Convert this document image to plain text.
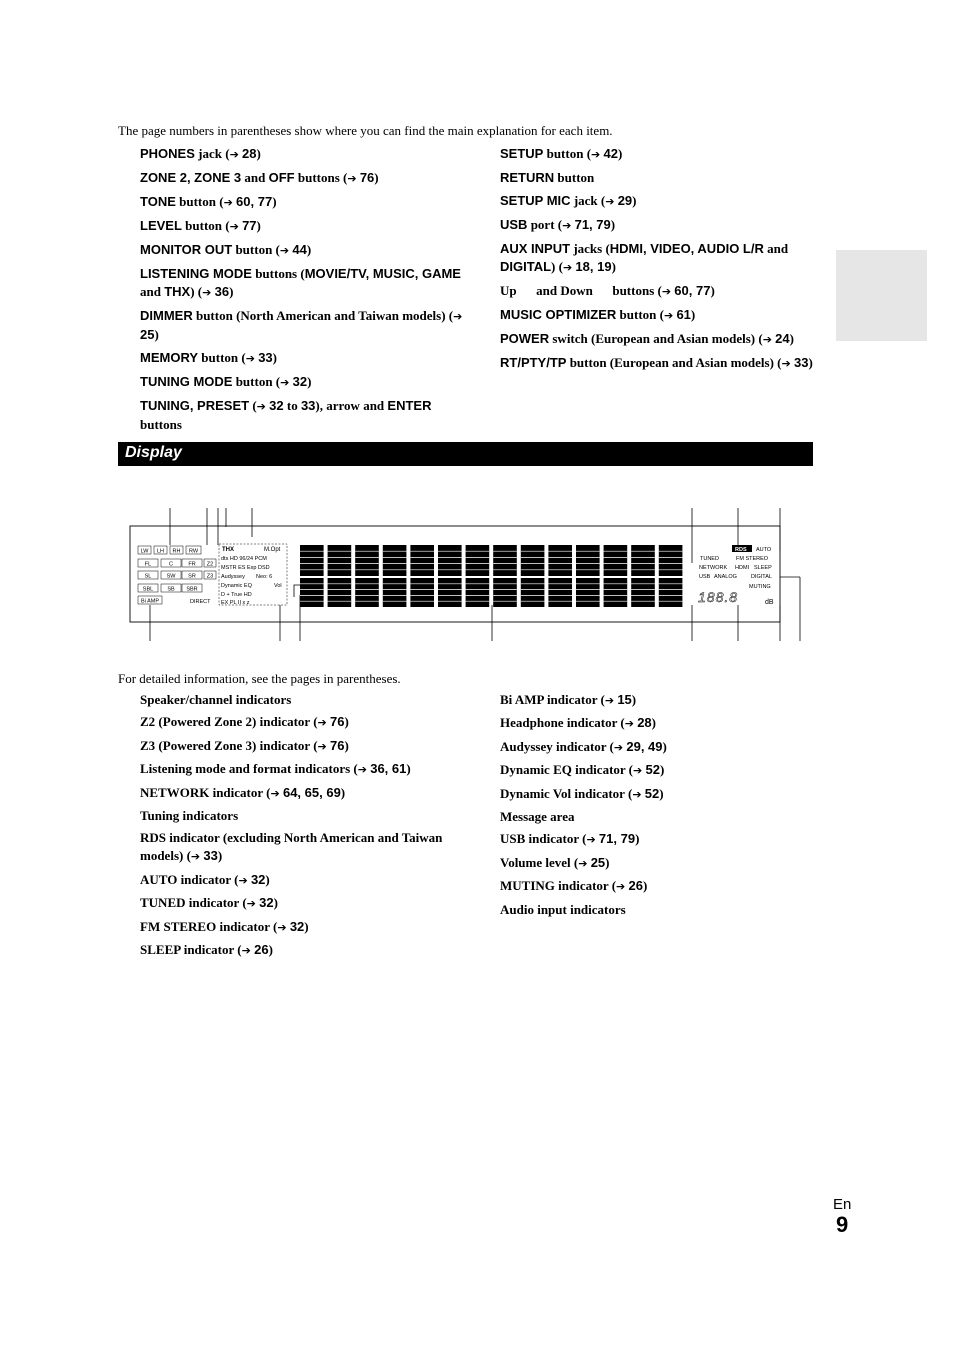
The page numbers in parentheses show where you can find the main explanation for each item.
PHONES jack (➔ 28)
ZONE 2, ZONE 3 and OFF buttons (➔ 76)
TONE button (➔ 60, 77)
LEVEL button (➔ 77)
MONITOR OUT button (➔ 44)
LISTENING MODE buttons (MOVIE/TV, MUSIC, GAME and THX) (➔ 36)
DIMMER button (North American and Taiwan models) (➔ 25)
MEMORY button (➔ 33)
TUNING MODE button (➔ 32)
TUNING, PRESET (➔ 32 to 33), arrow and ENTER buttons
SETUP button (➔ 42)
RETURN button
SETUP MIC jack (➔ 29)
USB port (➔ 71, 79)
AUX INPUT jacks (HDMI, VIDEO, AUDIO L/R and DIGITAL) (➔ 18, 19)
Up      and Down      buttons (➔ 60, 77)
MUSIC OPTIMIZER button (➔ 61)
POWER switch (European and Asian models) (➔ 24)
RT/PTY/TP button (European and Asian models) (➔ 33)
Display
LW LH RH RW
FL	C	FR Z2
SL	SW SR Z3
SBL	SB SBR
Bi AMP
THX	M.Opt
dts HD 96/24 PCM
MSTR ES Exp DSD
Audyssey Neo: 6
Dynamic EQ	Vol
D + True HD
EX PL II x z
DIRECT
RDS AUTO
TUNED	FM STEREO
NETWORK HDMI SLEEP
USB ANALOG	DIGITAL
MUTING
188.8	dB
For detailed information, see the pages in parentheses.
Speaker/channel indicators
Z2 (Powered Zone 2) indicator (➔ 76)
Z3 (Powered Zone 3) indicator (➔ 76)
Listening mode and format indicators (➔ 36, 61)
NETWORK indicator (➔ 64, 65, 69)
Tuning indicators
RDS indicator (excluding North American and Taiwan models) (➔ 33)
AUTO indicator (➔ 32)
TUNED indicator (➔ 32)
FM STEREO indicator (➔ 32)
SLEEP indicator (➔ 26)
Bi AMP indicator (➔ 15)
Headphone indicator (➔ 28)
Audyssey indicator (➔ 29, 49)
Dynamic EQ indicator (➔ 52)
Dynamic Vol indicator (➔ 52)
Message area
USB indicator (➔ 71, 79)
Volume level (➔ 25)
MUTING indicator (➔ 26)
Audio input indicators
En
9
